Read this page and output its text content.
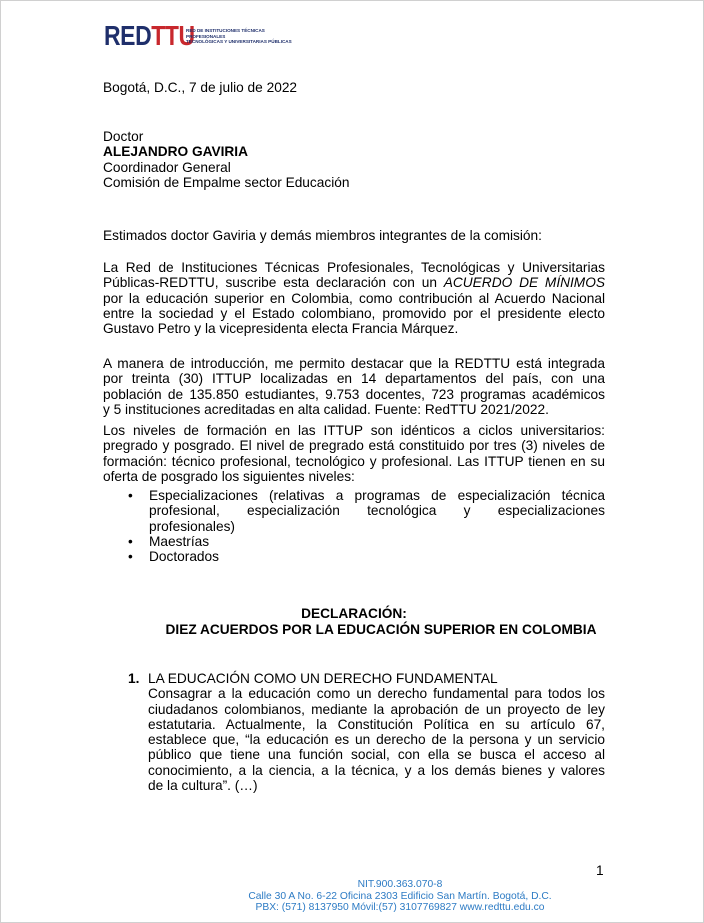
REDTTU
RED DE INSTITUCIONES TÉCNICAS PROFESIONALES
TECNOLÓGICAS Y UNIVERSITARIAS PÚBLICAS
Bogotá, D.C., 7 de julio de 2022
Doctor
ALEJANDRO GAVIRIA
Coordinador General
Comisión de Empalme sector Educación
Estimados doctor Gaviria y demás miembros integrantes de la comisión:
La Red de Instituciones Técnicas Profesionales, Tecnológicas y Universitarias
Públicas-REDTTU, suscribe esta declaración con un ACUERDO DE MÍNIMOS
por la educación superior en Colombia, como contribución al Acuerdo Nacional
entre la sociedad y el Estado colombiano, promovido por el presidente electo
Gustavo Petro y la vicepresidenta electa Francia Márquez.
A manera de introducción, me permito destacar que la REDTTU está integrada
por treinta (30) ITTUP localizadas en 14 departamentos del país, con una
población de 135.850 estudiantes, 9.753 docentes, 723 programas académicos
y 5 instituciones acreditadas en alta calidad. Fuente: RedTTU 2021/2022.
Los niveles de formación en las ITTUP son idénticos a ciclos universitarios:
pregrado y posgrado. El nivel de pregrado está constituido por tres (3) niveles de
formación: técnico profesional, tecnológico y profesional. Las ITTUP tienen en su
oferta de posgrado los siguientes niveles:
• Especializaciones (relativas a programas de especialización técnica
profesional, especialización tecnológica y especializaciones
profesionales)
• Maestrías
• Doctorados
DECLARACIÓN:
DIEZ ACUERDOS POR LA EDUCACIÓN SUPERIOR EN COLOMBIA
1. LA EDUCACIÓN COMO UN DERECHO FUNDAMENTAL
Consagrar a la educación como un derecho fundamental para todos los
ciudadanos colombianos, mediante la aprobación de un proyecto de ley
estatutaria. Actualmente, la Constitución Política en su artículo 67,
establece que, “la educación es un derecho de la persona y un servicio
público que tiene una función social, con ella se busca el acceso al
conocimiento, a la ciencia, a la técnica, y a los demás bienes y valores
de la cultura”. (…)
1
NIT.900.363.070-8
Calle 30 A No. 6-22 Oficina 2303 Edificio San Martín. Bogotá, D.C.
PBX: (571) 8137950 Móvil:(57) 3107769827 www.redttu.edu.co
